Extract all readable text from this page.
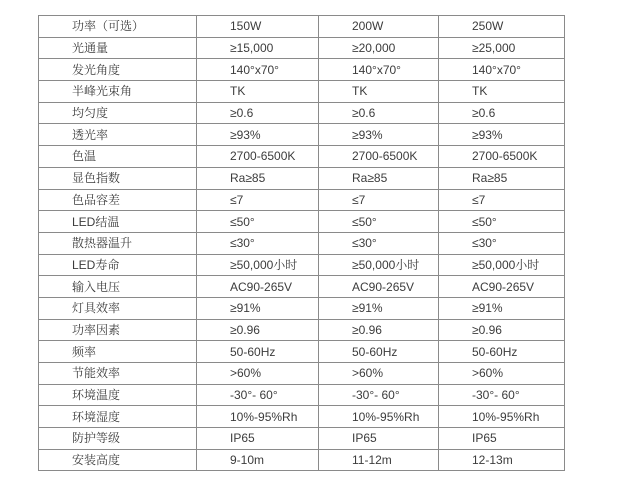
功率（可选）	150W	200W	250W
光通量	≥15,000	≥20,000	≥25,000
发光角度	140°x70°	140°x70°	140°x70°
半峰光束角	TK	TK	TK
均匀度	≥0.6	≥0.6	≥0.6
透光率	≥93%	≥93%	≥93%
色温	2700-6500K	2700-6500K	2700-6500K
显色指数	Ra≥85	Ra≥85	Ra≥85
色品容差	≤7	≤7	≤7
LED结温	≤50°	≤50°	≤50°
散热器温升	≤30°	≤30°	≤30°
LED寿命	≥50,000小时	≥50,000小时	≥50,000小时
输入电压	AC90-265V	AC90-265V	AC90-265V
灯具效率	≥91%	≥91%	≥91%
功率因素	≥0.96	≥0.96	≥0.96
频率	50-60Hz	50-60Hz	50-60Hz
节能效率	>60%	>60%	>60%
环境温度	-30°- 60°	-30°- 60°	-30°- 60°
环境湿度	10%-95%Rh	10%-95%Rh	10%-95%Rh
防护等级	IP65	IP65	IP65
安装高度	9-10m	11-12m	12-13m
